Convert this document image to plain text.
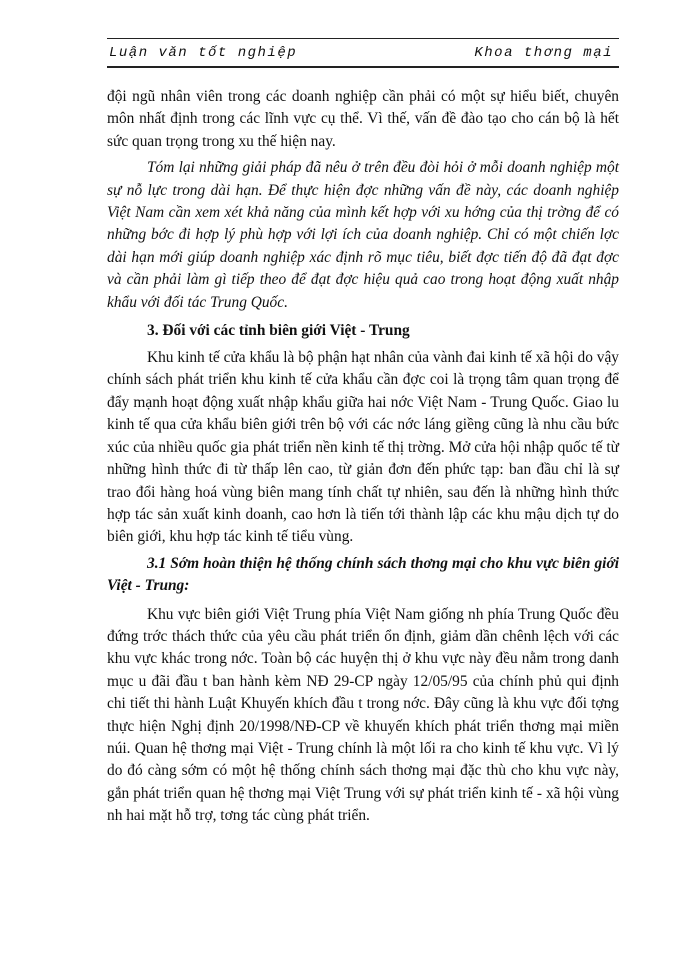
Luận văn tốt nghiệp	Khoa thơng mại

đội ngũ nhân viên trong các doanh nghiệp cần phải có một sự hiểu biết, chuyên môn nhất định trong các lĩnh vực cụ thể. Vì thế, vấn đề đào tạo cho cán bộ là hết sức quan trọng trong xu thế hiện nay.

Tóm lại những giải pháp đã nêu ở trên đều đòi hỏi ở mỗi doanh nghiệp một sự nỗ lực trong dài hạn. Để thực hiện đợc những vấn đề này, các doanh nghiệp Việt Nam cần xem xét khả năng của mình kết hợp với xu hớng của thị trờng để có những bớc đi hợp lý phù hợp với lợi ích của doanh nghiệp. Chỉ có một chiến lợc dài hạn mới giúp doanh nghiệp xác định rõ mục tiêu, biết đợc tiến độ đã đạt đợc và cần phải làm gì tiếp theo để đạt đợc hiệu quả cao trong hoạt động xuất nhập khẩu với đối tác Trung Quốc.

3. Đối với các tỉnh biên giới Việt - Trung

Khu kinh tế cửa khẩu là bộ phận hạt nhân của vành đai kinh tế xã hội do vậy chính sách phát triển khu kinh tế cửa khẩu cần đợc coi là trọng tâm quan trọng để đẩy mạnh hoạt động xuất nhập khẩu giữa hai nớc Việt Nam - Trung Quốc. Giao lu kinh tế qua cửa khẩu biên giới trên bộ với các nớc láng giềng cũng là nhu cầu bức xúc của nhiều quốc gia phát triển nền kinh tế thị trờng. Mở cửa hội nhập quốc tế từ những hình thức đi từ thấp lên cao, từ giản đơn đến phức tạp: ban đầu chỉ là sự trao đổi hàng hoá vùng biên mang tính chất tự nhiên, sau đến là những hình thức hợp tác sản xuất kinh doanh, cao hơn là tiến tới thành lập các khu mậu dịch tự do biên giới, khu hợp tác kinh tế tiểu vùng.

3.1 Sớm hoàn thiện hệ thống chính sách thơng mại cho khu vực biên giới Việt - Trung:

Khu vực biên giới Việt Trung phía Việt Nam giống nh phía Trung Quốc đều đứng trớc thách thức của yêu cầu phát triển ổn định, giảm dần chênh lệch với các khu vực khác trong nớc. Toàn bộ các huyện thị ở khu vực này đều nằm trong danh mục u đãi đầu t ban hành kèm NĐ 29-CP ngày 12/05/95 của chính phủ qui định chi tiết thi hành Luật Khuyến khích đầu t trong nớc. Đây cũng là khu vực đối tợng thực hiện Nghị định 20/1998/NĐ-CP về khuyến khích phát triển thơng mại miền núi. Quan hệ thơng mại Việt - Trung chính là một lối ra cho kinh tế khu vực. Vì lý do đó càng sớm có một hệ thống chính sách thơng mại đặc thù cho khu vực này, gắn phát triển quan hệ thơng mại Việt Trung với sự phát triển kinh tế - xã hội vùng nh hai mặt hỗ trợ, tơng tác cùng phát triển.
